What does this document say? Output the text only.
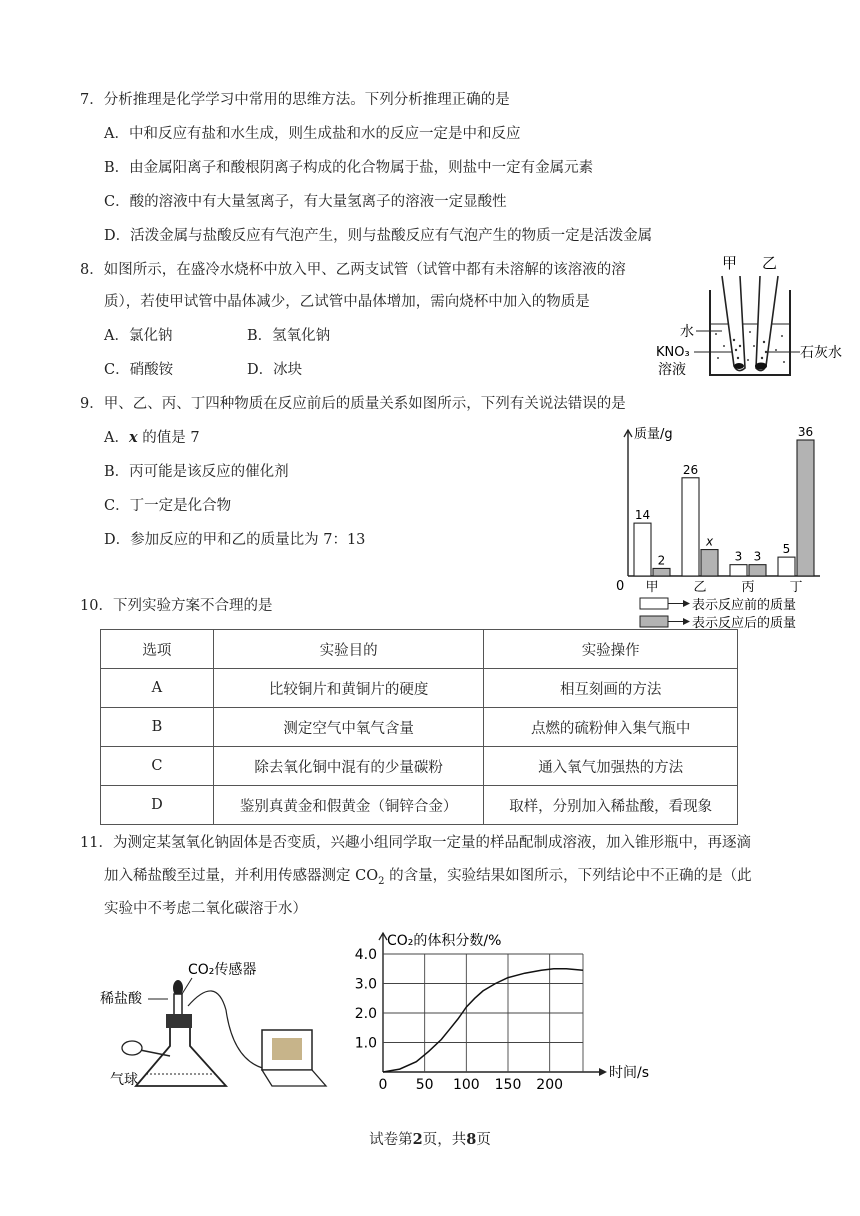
7．分析推理是化学学习中常用的思维方法。下列分析推理正确的是
A．中和反应有盐和水生成，则生成盐和水的反应一定是中和反应
B．由金属阳离子和酸根阴离子构成的化合物属于盐，则盐中一定有金属元素
C．酸的溶液中有大量氢离子，有大量氢离子的溶液一定显酸性
D．活泼金属与盐酸反应有气泡产生，则与盐酸反应有气泡产生的物质一定是活泼金属
8．如图所示，在盛冷水烧杯中放入甲、乙两支试管（试管中都有未溶解的该溶液的溶
质），若使甲试管中晶体减少，乙试管中晶体增加，需向烧杯中加入的物质是
A．氯化钠	B．氢氧化钠
C．硝酸铵	D．冰块
甲 乙
水
KNO₃
溶液
石灰水
9．甲、乙、丙、丁四种物质在反应前后的质量关系如图所示，下列有关说法错误的是
A．x 的值是 7
B．丙可能是该反应的催化剂
C．丁一定是化合物
D．参加反应的甲和乙的质量比为 7：13
质量/g
0
14
2
甲
26
x
乙
3 3
丙
5
36
丁
表示反应前的质量
表示反应后的质量
10．下列实验方案不合理的是
选项	实验目的	实验操作
A	比较铜片和黄铜片的硬度	相互刻画的方法
B	测定空气中氧气含量	点燃的硫粉伸入集气瓶中
C	除去氧化铜中混有的少量碳粉	通入氧气加强热的方法
D	鉴别真黄金和假黄金（铜锌合金）	取样，分别加入稀盐酸，看现象
11．为测定某氢氧化钠固体是否变质，兴趣小组同学取一定量的样品配制成溶液，加入锥形瓶中，再逐滴
加入稀盐酸至过量，并利用传感器测定 $CO_2$ 的含量，实验结果如图所示，下列结论中不正确的是（此
实验中不考虑二氧化碳溶于水）
CO₂传感器
稀盐酸
气球
CO₂的体积分数/%
时间/s
1.0
2.0
3.0
4.0
0 50 100 150 200
试卷第2页，共8页
